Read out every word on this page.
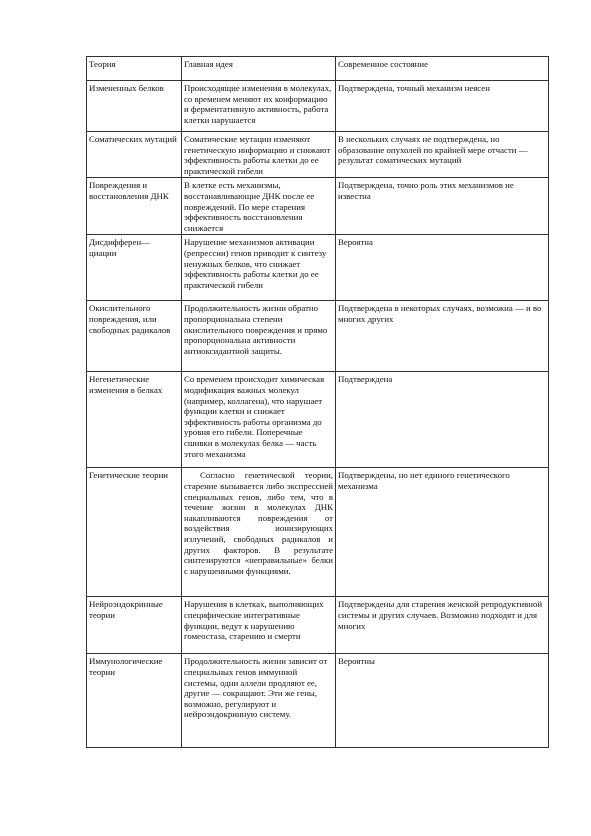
Теория	Главная идея	Современное состояние
Измененных белков	Происходящие изменения в молекулах, со временем меняют их конформацию и ферментативную активность, работа клетки нарушается	Подтверждена, точный механизм неясен
Соматических мутаций	Соматические мутации изменяют генетическую информацию и снижают эффективность работы клетки до ее практической гибели	В нескольких случаях не подтверждена, но образование опухолей по крайней мере отчасти — результат соматических мутаций
Повреждения и восстановления ДНК	В клетке есть механизмы, восстанавливающие ДНК после ее повреждений. По мере старения эффективность восстановления снижается	Подтверждена, точно роль этих механизмов не известна
Дисдифферен— циации	Нарушение механизмов активации (репрессии) генов приводит к синтезу ненужных белков, что снижает эффективность работы клетки до ее практической гибели	Вероятна
Окислительного повреждения, или свободных радикалов	Продолжительность жизни обратно пропорциональна степени окислительного повреждения и прямо пропорциональна активности антиоксидантной защиты.	Подтверждена в некоторых случаях, возможна — и во многих других
Негенетические изменения в белках	Со временем происходит химическая модификация важных молекул (например, коллагена), что нарушает функции клетки и снижает эффективность работы организма до уровня его гибели. Поперечные сшивки в молекулах белка — часть этого механизма	Подтверждена
Генетические теории	Согласно генетической теории, старение вызывается либо экспрессией специальных генов, либо тем, что в течение жизни в молекулах ДНК накапливаются повреждения от воздействия ионизирующих излучений, свободных радикалов и других факторов. В результате синтезируются «неправильные» белки с нарушенными функциями.	Подтверждены, но нет единого генетического механизма
Нейроэндокринные теории	Нарушения в клетках, выполняющих специфические интегративные функции, ведут к нарушению гомеостаза, старению и смерти	Подтверждены для старения женской репродуктивной системы и других случаев. Возможно подходят и для многих
Иммунологические теории	Продолжительность жизни зависит от специальных генов иммунной системы, одни аллели продляют ее, другие — сокращают. Эти же гены, возможно, регулируют и нейроэндокринную систему.	Вероятны
